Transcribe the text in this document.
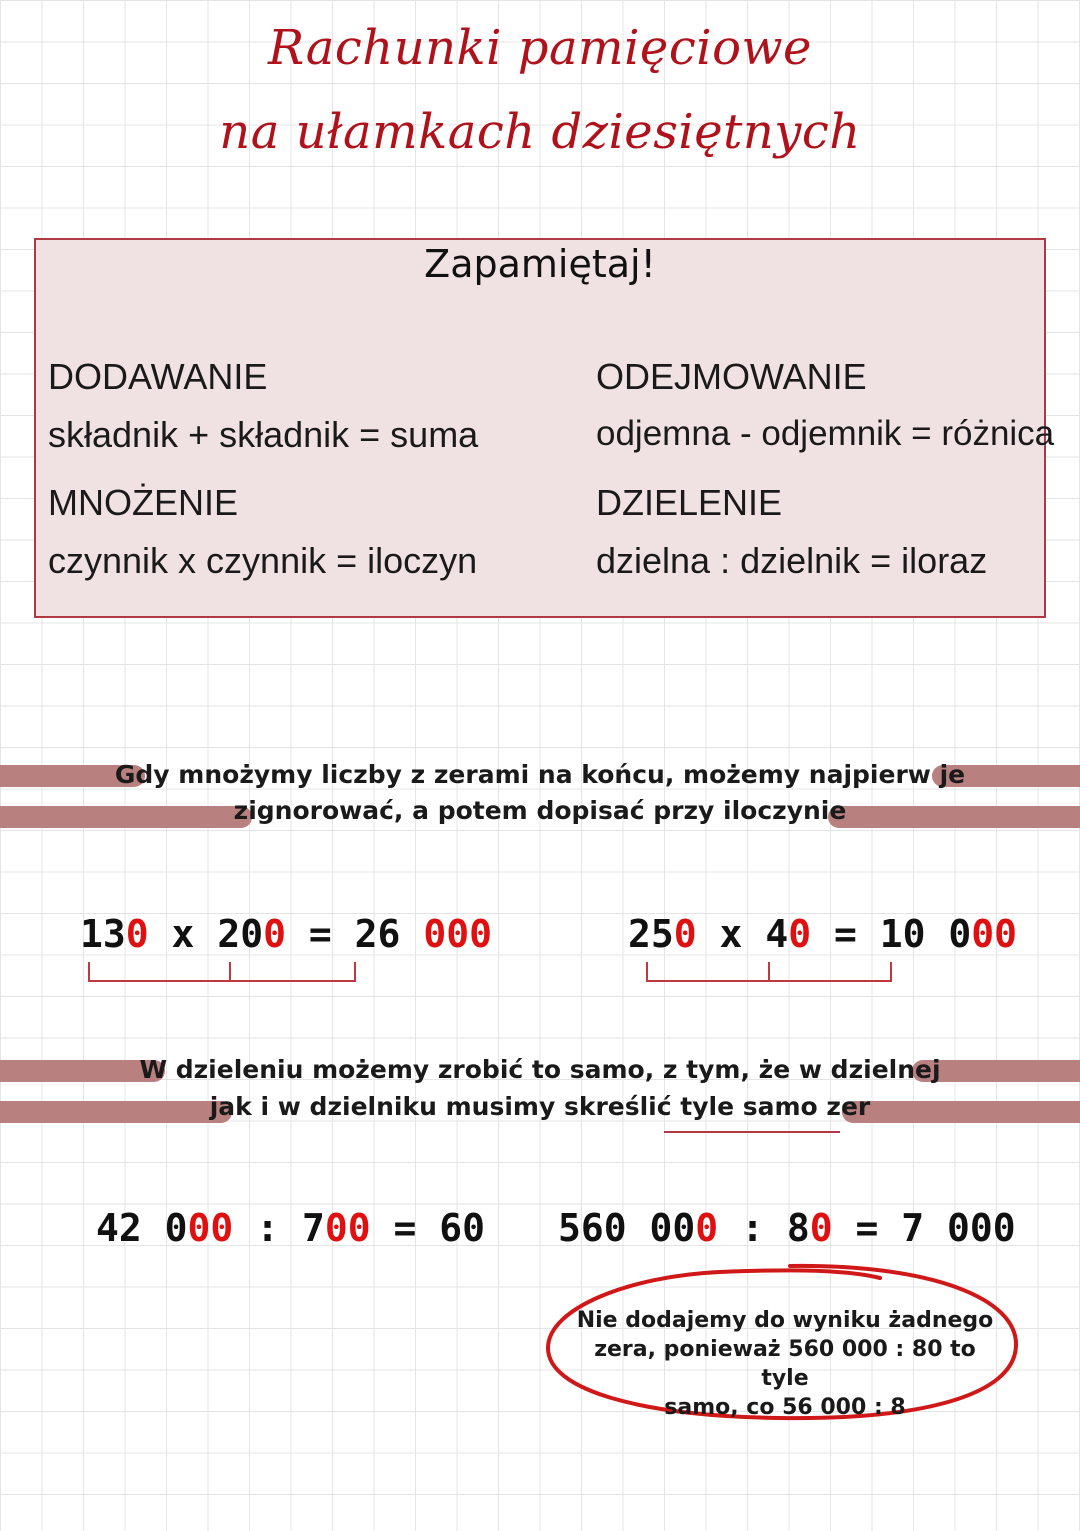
Rachunki pamięciowe
na ułamkach dziesiętnych
Zapamiętaj!
DODAWANIE
składnik + składnik = suma
MNOŻENIE
czynnik x czynnik = iloczyn
ODEJMOWANIE
odjemna - odjemnik = różnica
DZIELENIE
dzielna : dzielnik = iloraz
Gdy mnożymy liczby z zerami na końcu, możemy najpierw je
zignorować, a potem dopisać przy iloczynie
130 x 200 = 26 000	250 x 40 = 10 000
W dzieleniu możemy zrobić to samo, z tym, że w dzielnej
jak i w dzielniku musimy skreślić tyle samo zer
42 000 : 700 = 60 560 000 : 80 = 7 000
Nie dodajemy do wyniku żadnego
zera, ponieważ 560 000 : 80 to tyle
samo, co 56 000 : 8
